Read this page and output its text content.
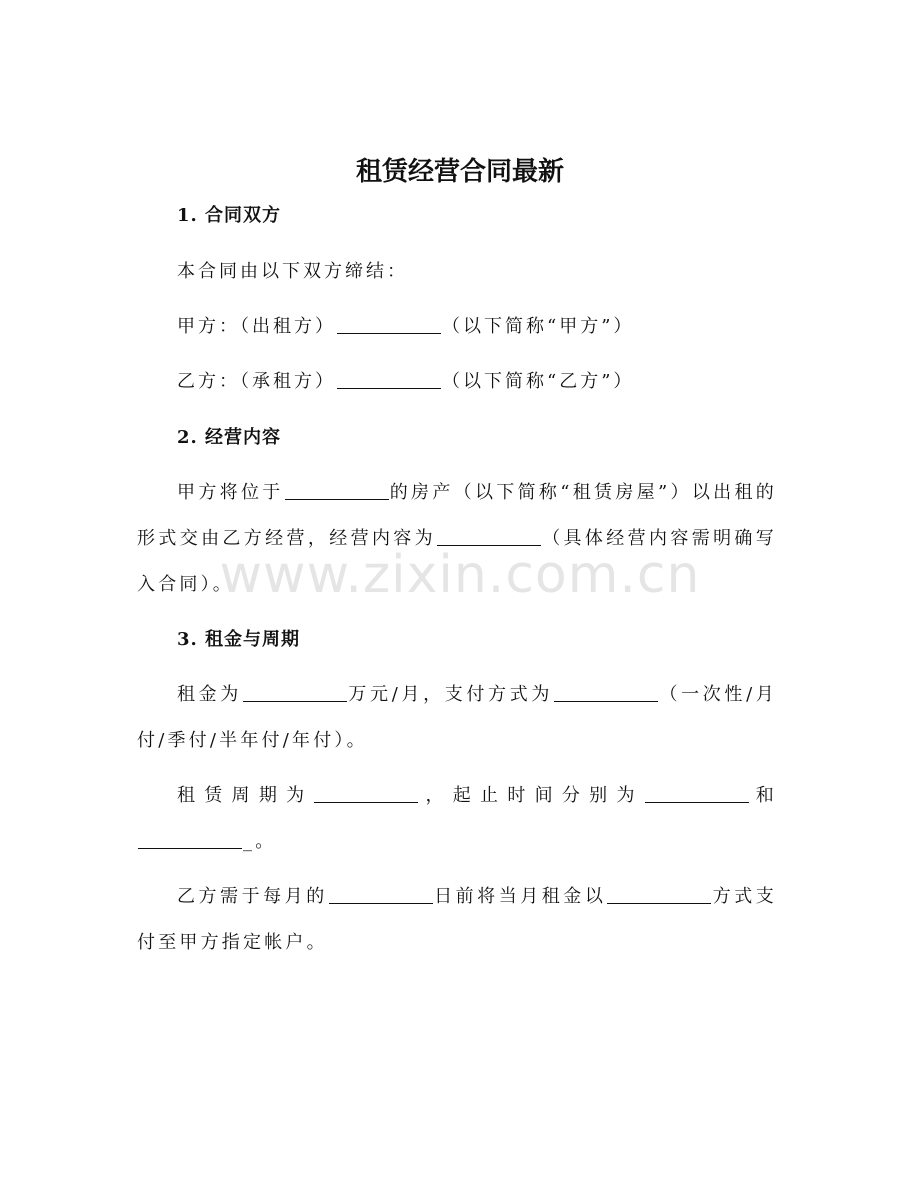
租赁经营合同最新
1. 合同双方
本合同由以下双方缔结：
甲方：（出租方）	（以下简称“甲方”）
乙方：（承租方）	（以下简称“乙方”）
2. 经营内容
甲方将位于	的房产（以下简称“租赁房屋”）以出租的形式交由乙方经营，经营内容为	（具体经营内容需明确写入合同）。
3. 租金与周期
租金为	万元/月，支付方式为	（一次性/月付/季付/半年付/年付）。
租赁周期为	，起止时间分别为	和_。
乙方需于每月的	日前将当月租金以	方式支付至甲方指定帐户。
www.zixin.com.cn
